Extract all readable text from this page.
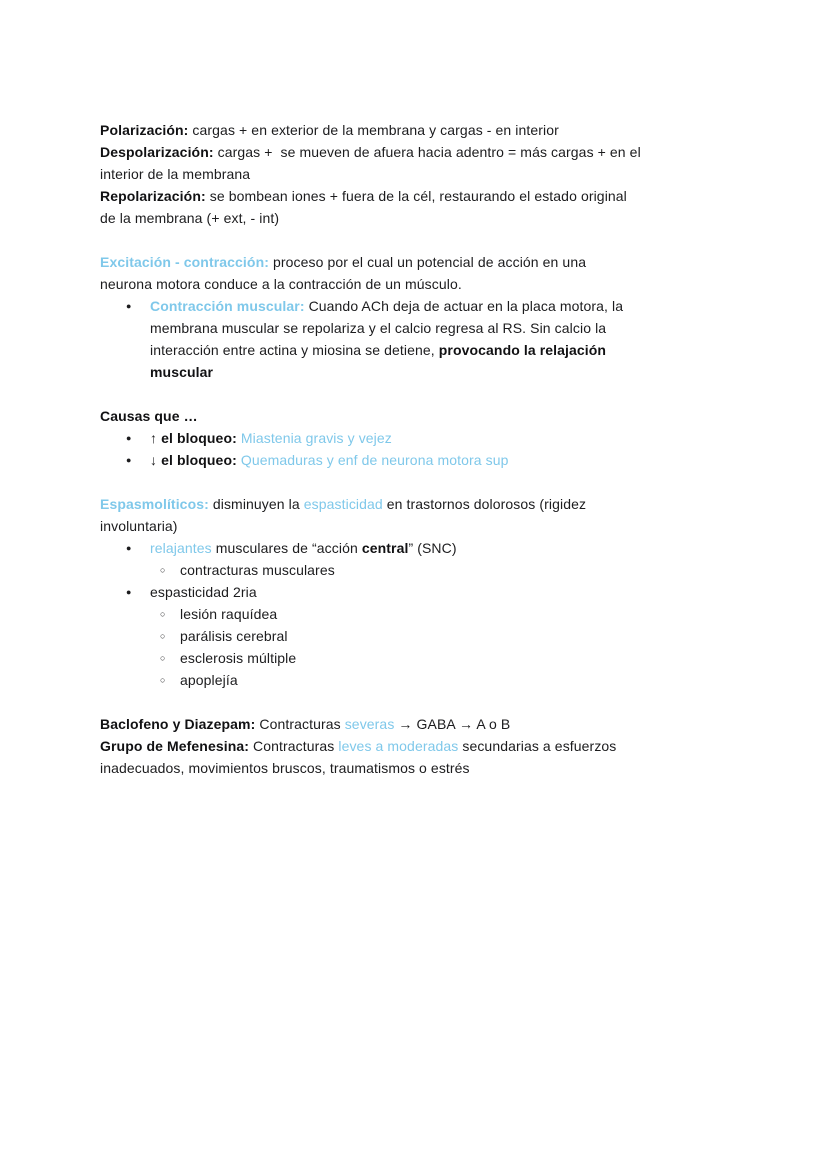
Polarización: cargas + en exterior de la membrana y cargas - en interior
Despolarización: cargas +  se mueven de afuera hacia adentro = más cargas + en el
interior de la membrana
Repolarización: se bombean iones + fuera de la cél, restaurando el estado original
de la membrana (+ ext, - int)
Excitación - contracción: proceso por el cual un potencial de acción en una
neurona motora conduce a la contracción de un músculo.
●	Contracción muscular: Cuando ACh deja de actuar en la placa motora, la
membrana muscular se repolariza y el calcio regresa al RS. Sin calcio la
interacción entre actina y miosina se detiene, provocando la relajación
muscular
Causas que …
●	↑ el bloqueo: Miastenia gravis y vejez
●	↓ el bloqueo: Quemaduras y enf de neurona motora sup
Espasmolíticos: disminuyen la espasticidad en trastornos dolorosos (rigidez
involuntaria)
●	relajantes musculares de “acción central” (SNC)
○	contracturas musculares
●	espasticidad 2ria
○	lesión raquídea
○	parálisis cerebral
○	esclerosis múltiple
○	apoplejía
Baclofeno y Diazepam: Contracturas severas → GABA → A o B
Grupo de Mefenesina: Contracturas leves a moderadas secundarias a esfuerzos
inadecuados, movimientos bruscos, traumatismos o estrés
